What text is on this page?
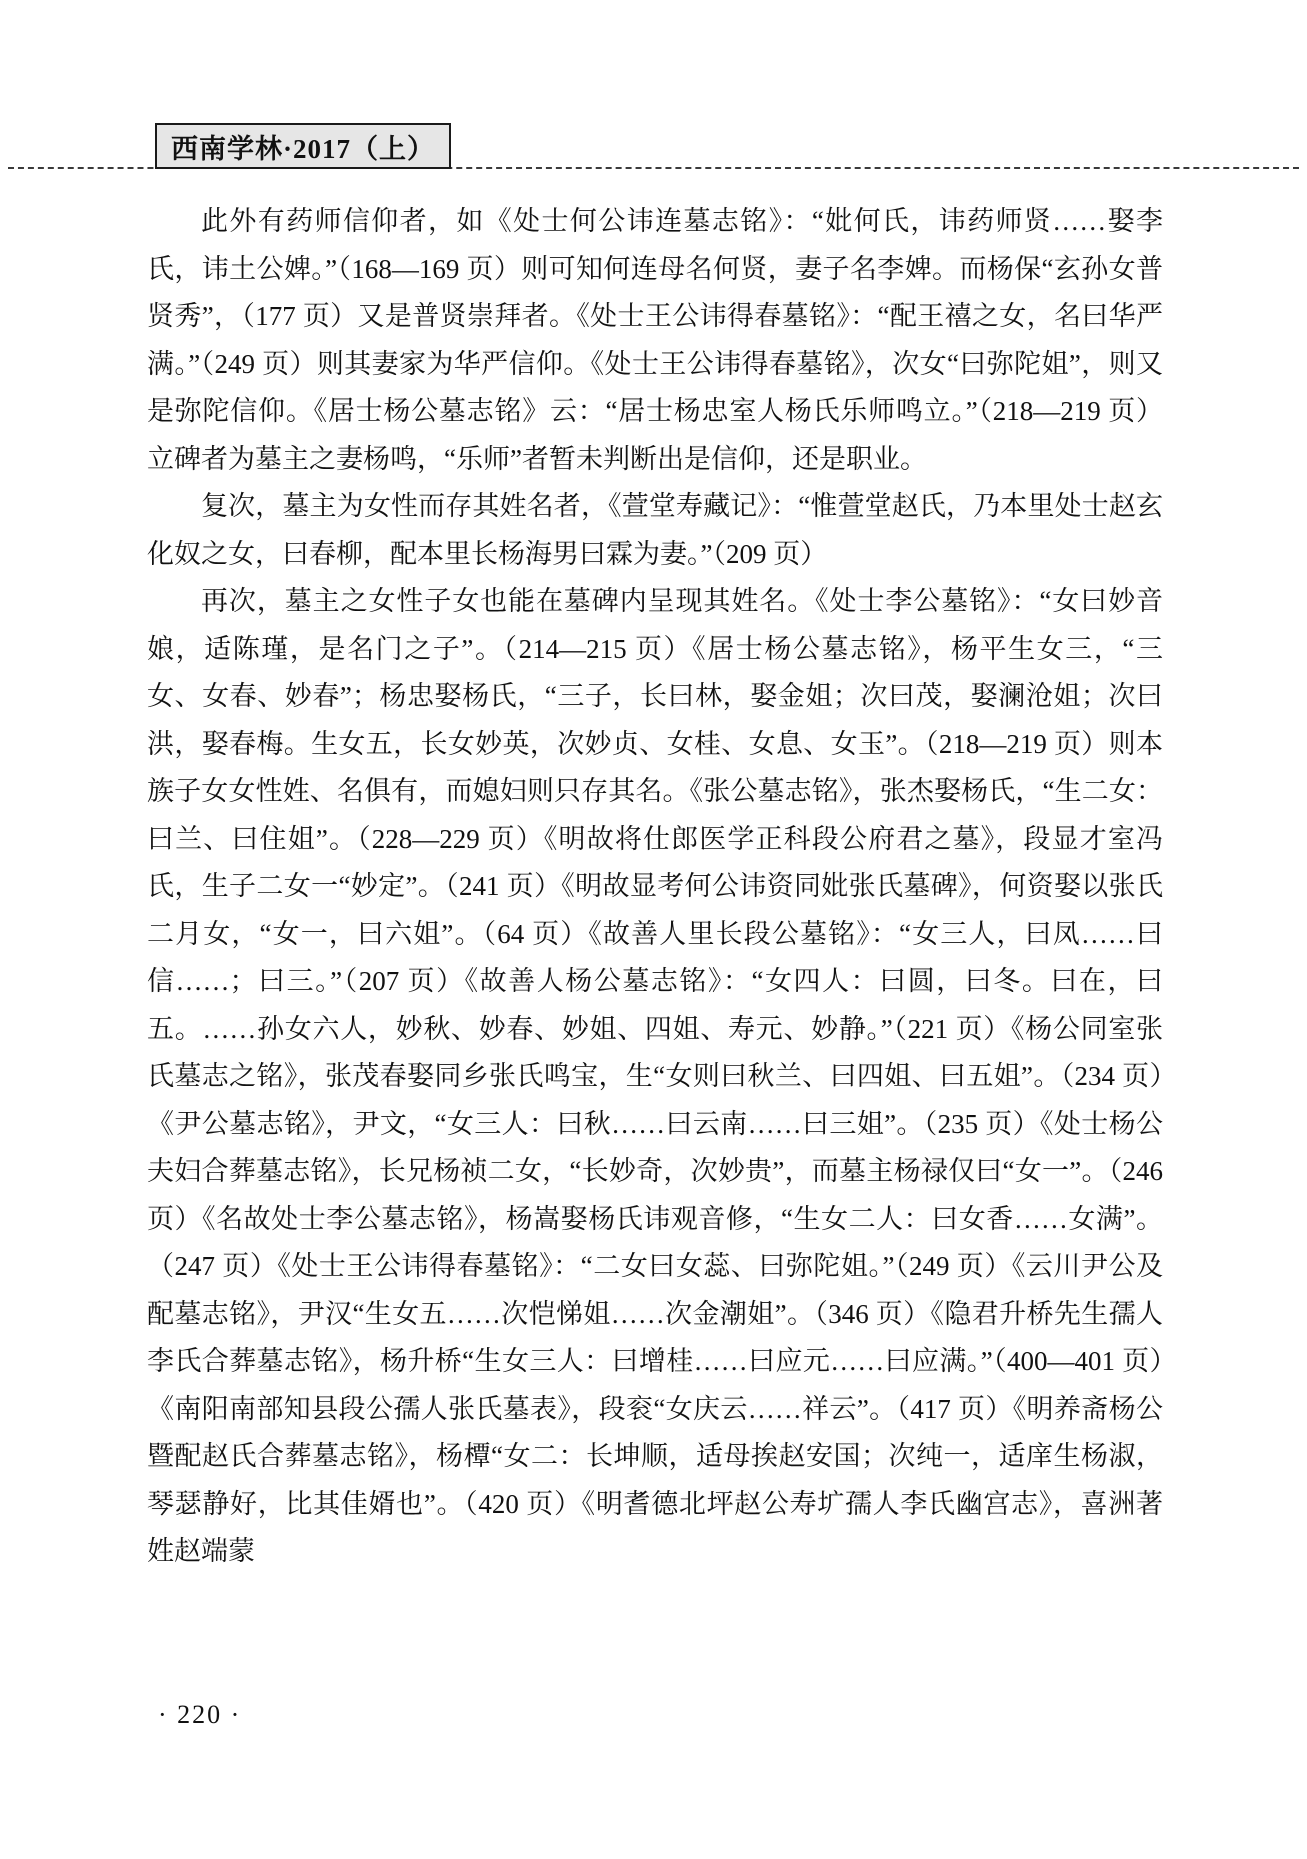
西南学林·2017（上）

此外有药师信仰者，如《处士何公讳连墓志铭》：“妣何氏，讳药师贤……娶李氏，讳土公婢。”（168—169 页）则可知何连母名何贤，妻子名李婢。而杨保“玄孙女普贤秀”，（177 页）又是普贤崇拜者。《处士王公讳得春墓铭》：“配王禧之女，名曰华严满。”（249 页）则其妻家为华严信仰。《处士王公讳得春墓铭》，次女“曰弥陀姐”，则又是弥陀信仰。《居士杨公墓志铭》云：“居士杨忠室人杨氏乐师鸣立。”（218—219 页）立碑者为墓主之妻杨鸣，“乐师”者暂未判断出是信仰，还是职业。

复次，墓主为女性而存其姓名者，《萱堂寿藏记》：“惟萱堂赵氏，乃本里处士赵玄化奴之女，曰春柳，配本里长杨海男曰霖为妻。”（209 页）

再次，墓主之女性子女也能在墓碑内呈现其姓名。《处士李公墓铭》：“女曰妙音娘，适陈瑾，是名门之子”。（214—215 页）《居士杨公墓志铭》，杨平生女三，“三女、女春、妙春”；杨忠娶杨氏，“三子，长曰林，娶金姐；次曰茂，娶澜沧姐；次曰洪，娶春梅。生女五，长女妙英，次妙贞、女桂、女息、女玉”。（218—219 页）则本族子女女性姓、名俱有，而媳妇则只存其名。《张公墓志铭》，张杰娶杨氏，“生二女：曰兰、曰住姐”。（228—229 页）《明故将仕郎医学正科段公府君之墓》，段显才室冯氏，生子二女一“妙定”。（241 页）《明故显考何公讳资同妣张氏墓碑》，何资娶以张氏二月女，“女一，曰六姐”。（64 页）《故善人里长段公墓铭》：“女三人，曰凤……曰信……；曰三。”（207 页）《故善人杨公墓志铭》：“女四人：曰圆，曰冬。曰在，曰五。……孙女六人，妙秋、妙春、妙姐、四姐、寿元、妙静。”（221 页）《杨公同室张氏墓志之铭》，张茂春娶同乡张氏鸣宝，生“女则曰秋兰、曰四姐、曰五姐”。（234 页）《尹公墓志铭》，尹文，“女三人：曰秋……曰云南……曰三姐”。（235 页）《处士杨公夫妇合葬墓志铭》，长兄杨祯二女，“长妙奇，次妙贵”，而墓主杨禄仅曰“女一”。（246 页）《名故处士李公墓志铭》，杨嵩娶杨氏讳观音修，“生女二人：曰女香……女满”。（247 页）《处士王公讳得春墓铭》：“二女曰女蕊、曰弥陀姐。”（249 页）《云川尹公及配墓志铭》，尹汉“生女五……次恺悌姐……次金潮姐”。（346 页）《隐君升桥先生孺人李氏合葬墓志铭》，杨升桥“生女三人：曰增桂……曰应元……曰应满。”（400—401 页）《南阳南部知县段公孺人张氏墓表》，段衮“女庆云……祥云”。（417 页）《明养斋杨公暨配赵氏合葬墓志铭》，杨橝“女二：长坤顺，适母挨赵安国；次纯一，适庠生杨淑，琴瑟静好，比其佳婿也”。（420 页）《明耆德北坪赵公寿圹孺人李氏幽宫志》，喜洲著姓赵端蒙

· 220 ·
